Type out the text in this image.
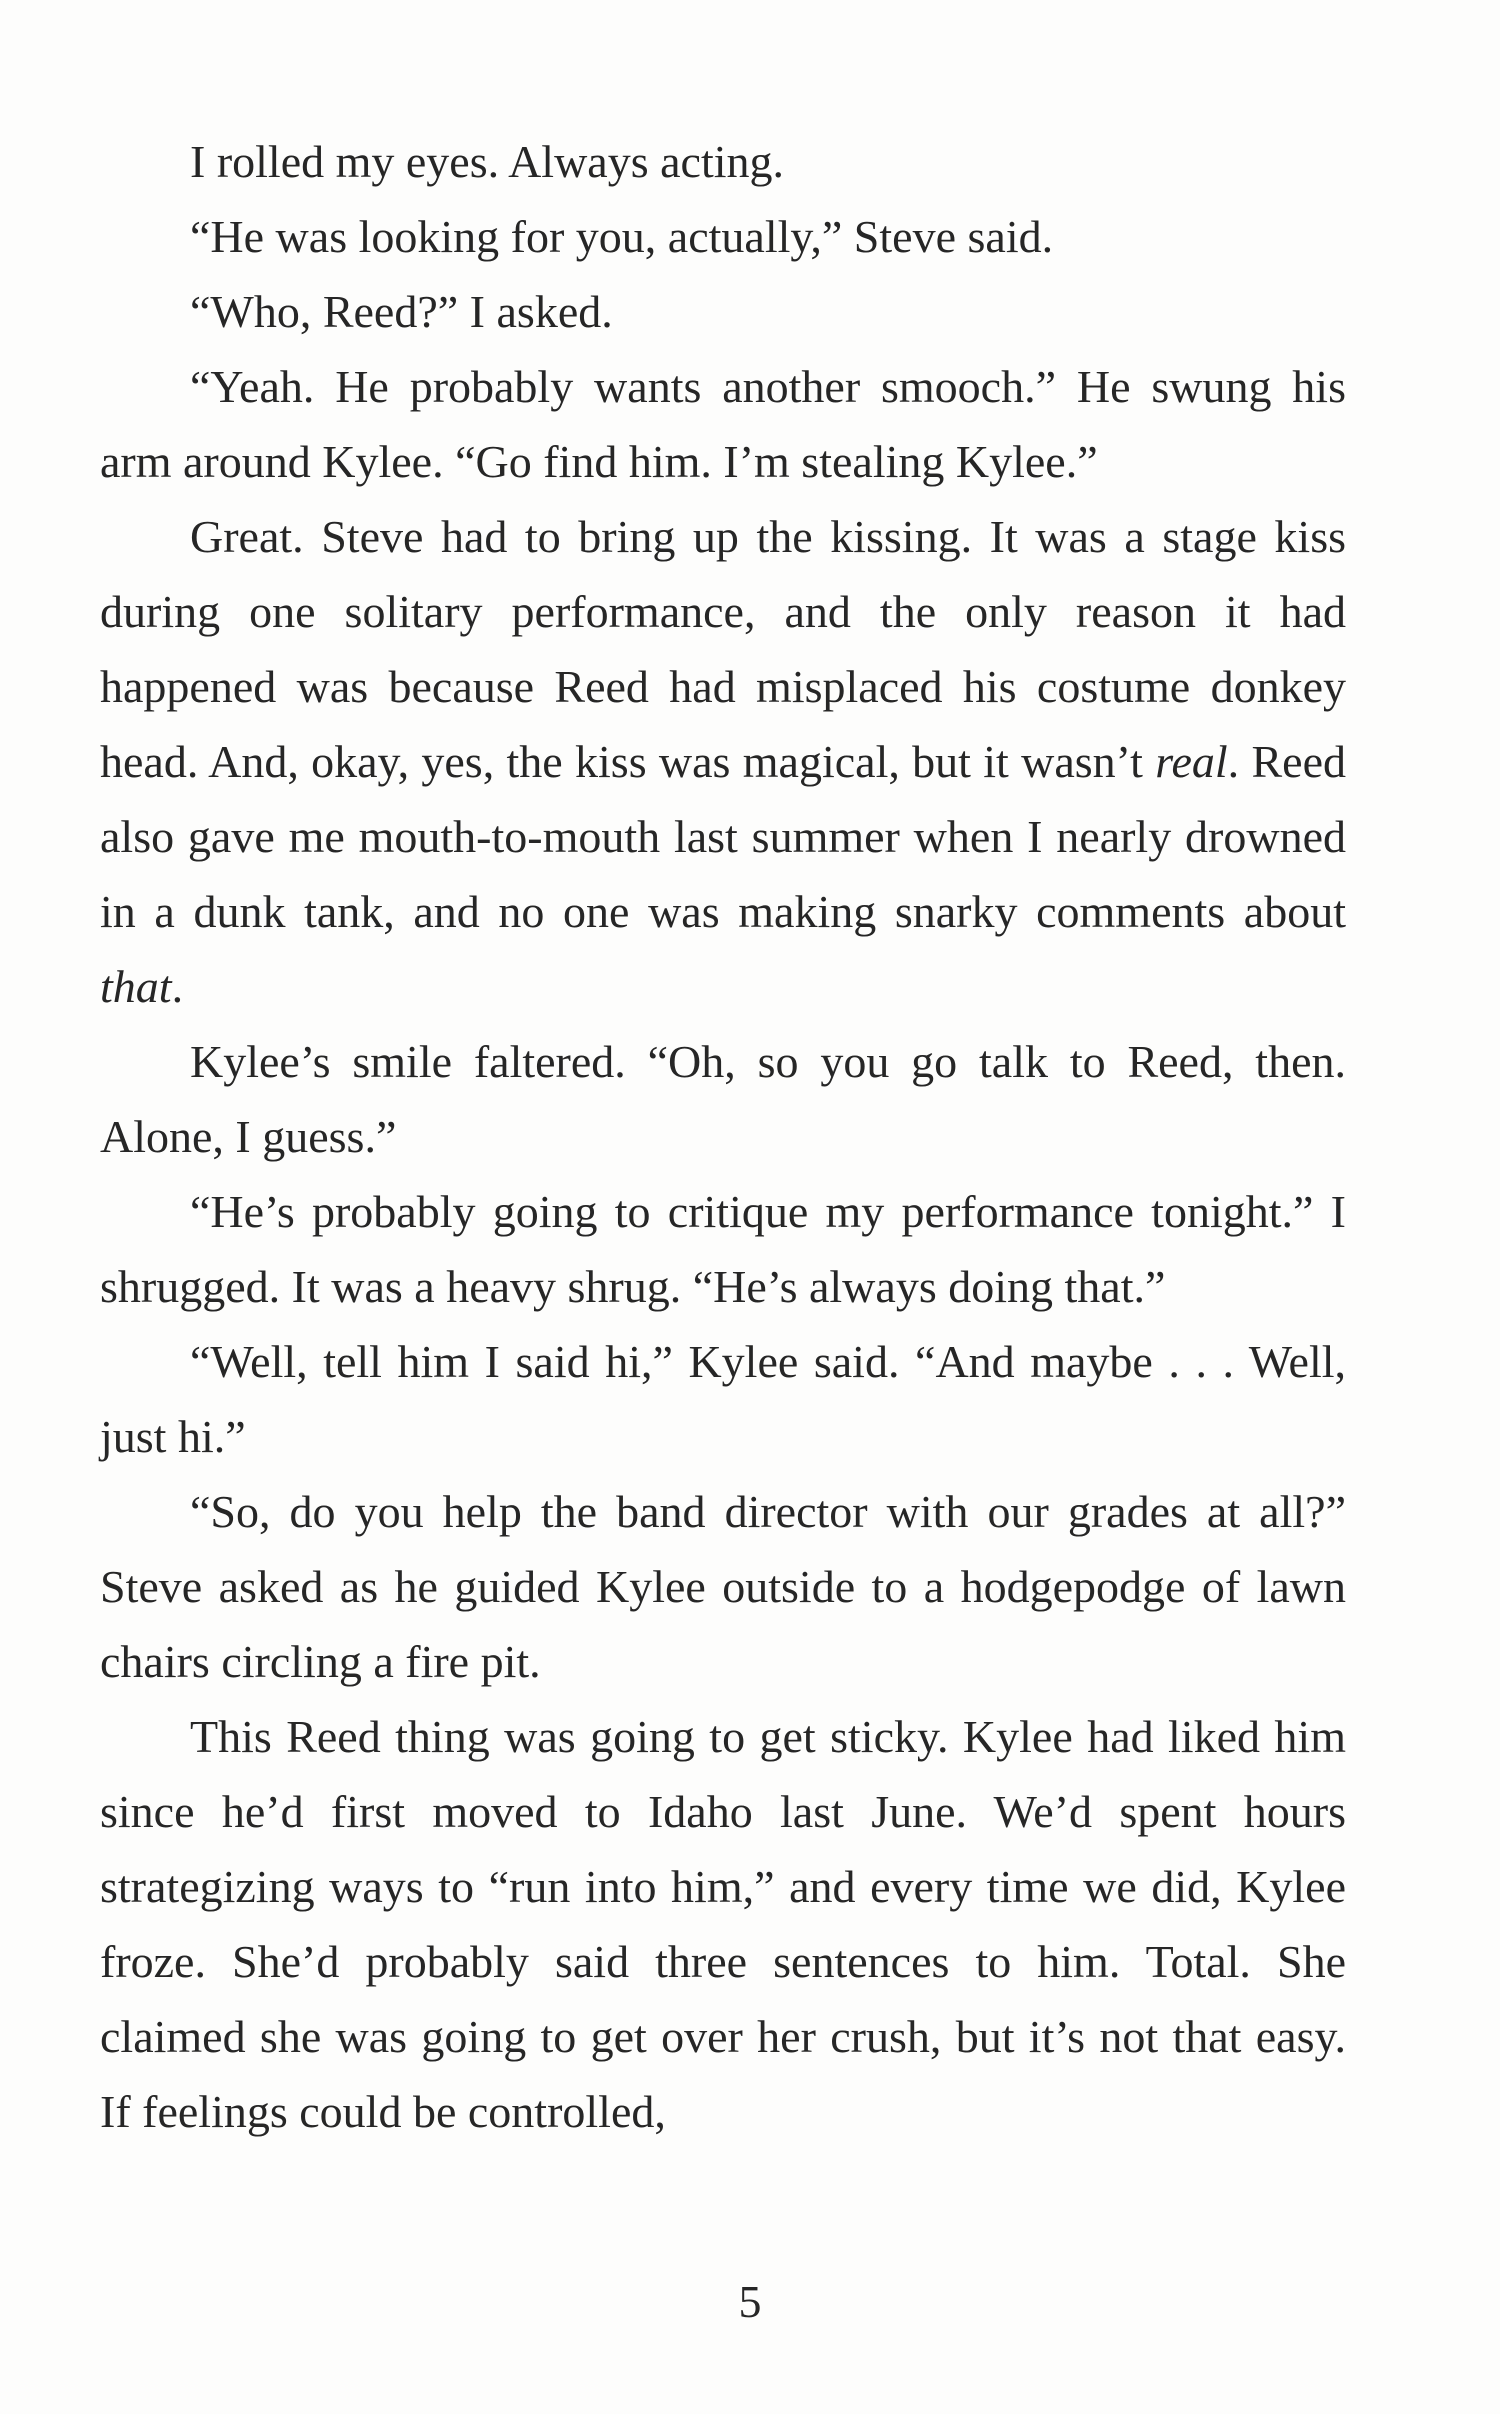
I rolled my eyes. Always acting.

“He was looking for you, actually,” Steve said.

“Who, Reed?” I asked.

“Yeah. He probably wants another smooch.” He swung his arm around Kylee. “Go find him. I’m stealing Kylee.”

Great. Steve had to bring up the kissing. It was a stage kiss during one solitary performance, and the only reason it had happened was because Reed had misplaced his costume donkey head. And, okay, yes, the kiss was magical, but it wasn’t real. Reed also gave me mouth-to-mouth last summer when I nearly drowned in a dunk tank, and no one was making snarky comments about that.

Kylee’s smile faltered. “Oh, so you go talk to Reed, then. Alone, I guess.”

“He’s probably going to critique my performance tonight.” I shrugged. It was a heavy shrug. “He’s always doing that.”

“Well, tell him I said hi,” Kylee said. “And maybe . . . Well, just hi.”

“So, do you help the band director with our grades at all?” Steve asked as he guided Kylee outside to a hodgepodge of lawn chairs circling a fire pit.

This Reed thing was going to get sticky. Kylee had liked him since he’d first moved to Idaho last June. We’d spent hours strategizing ways to “run into him,” and every time we did, Kylee froze. She’d probably said three sentences to him. Total. She claimed she was going to get over her crush, but it’s not that easy. If feelings could be controlled,

5
